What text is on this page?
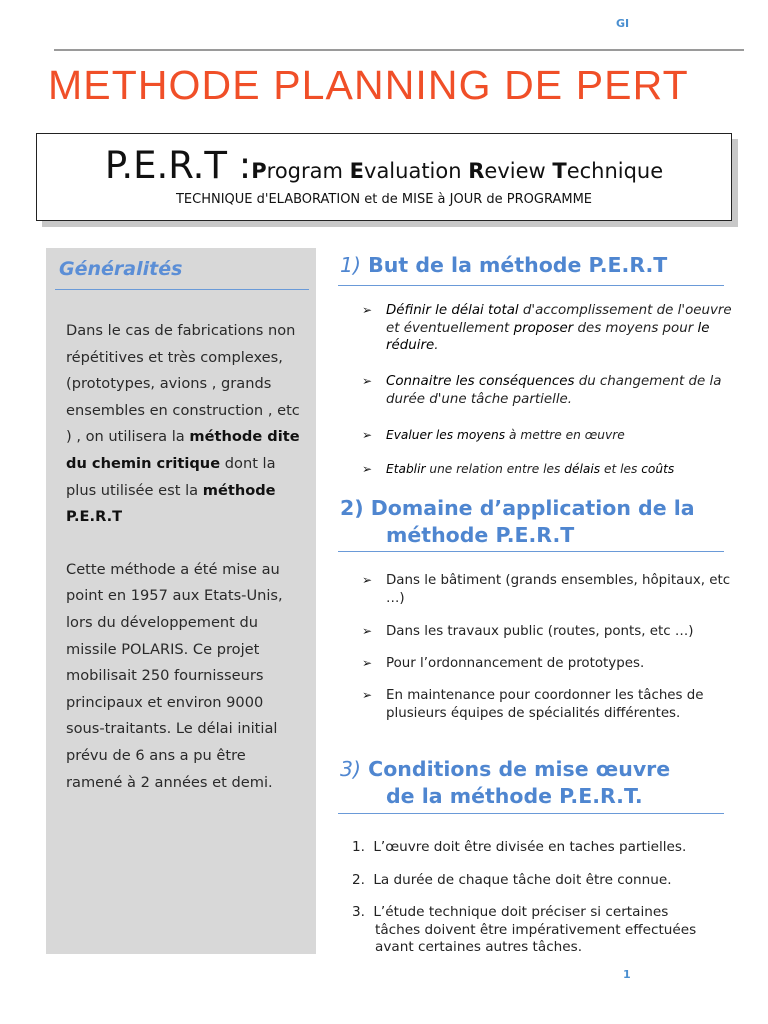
GI
METHODE PLANNING DE PERT
P.E.R.T :Program Evaluation Review Technique
TECHNIQUE d'ELABORATION et de MISE à JOUR de PROGRAMME
Généralités

Dans le cas de fabrications non répétitives et très complexes, (prototypes, avions , grands ensembles en construction , etc ) , on utilisera la méthode dite du chemin critique dont la plus utilisée est la méthode P.E.R.T

Cette méthode a été mise au point en 1957 aux Etats-Unis, lors du développement du missile POLARIS. Ce projet mobilisait 250 fournisseurs principaux et environ 9000 sous-traitants. Le délai initial prévu de 6 ans a pu être ramené à 2 années et demi.

1) But de la méthode P.E.R.T
➢ Définir le délai total d'accomplissement de l'oeuvre et éventuellement proposer des moyens pour le réduire.
➢ Connaitre les conséquences du changement de la durée d'une tâche partielle.
➢ Evaluer les moyens à mettre en œuvre
➢ Etablir une relation entre les délais et les coûts
2) Domaine d’application de la
méthode P.E.R.T
➢ Dans le bâtiment (grands ensembles, hôpitaux, etc …)
➢ Dans les travaux public (routes, ponts, etc …)
➢ Pour l’ordonnancement de prototypes.
➢ En maintenance pour coordonner les tâches de plusieurs équipes de spécialités différentes.
3) Conditions de mise œuvre
de la méthode P.E.R.T.
1. L’œuvre doit être divisée en taches partielles.
2. La durée de chaque tâche doit être connue.
3. L’étude technique doit préciser si certaines
tâches doivent être impérativement effectuées avant certaines autres tâches.
1
